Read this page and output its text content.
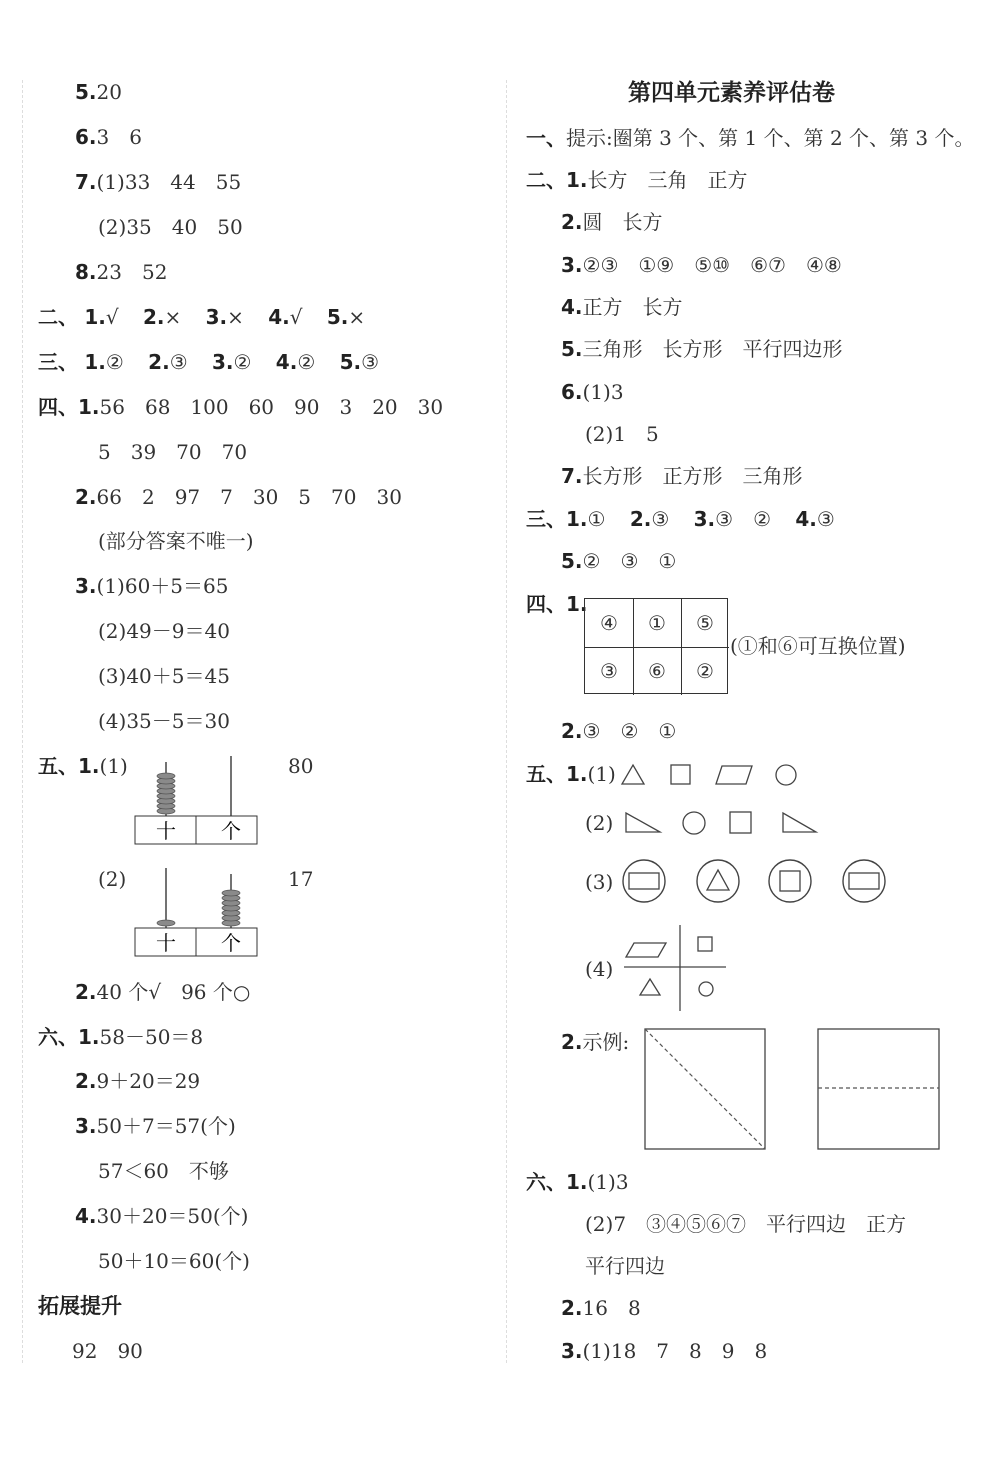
5.20
6.3　6
7.(1)33　44　55
(2)35　40　50
8.23　52
二、 1.√ 2.× 3.× 4.√ 5.×
三、 1.② 2.③ 3.② 4.② 5.③
四、1.56　68　100　60　90　3　20　30
5　39　70　70
2.66　2　97　7　30　5　70　30
(部分答案不唯一)
3.(1)60＋5＝65
(2)49－9＝40
(3)40＋5＝45
(4)35－5＝30
五、1.(1)	80
十 个
(2)	17
十 个
2.40 个√　96 个○
六、1.58－50＝8
2.9＋20＝29
3.50＋7＝57(个)
57＜60　不够
4.30＋20＝50(个)
50＋10＝60(个)
拓展提升
92　90
第四单元素养评估卷
一、提示:圈第 3 个、第 1 个、第 2 个、第 3 个。
二、1.长方　三角　正方
2.圆　长方
3.②③　①⑨　⑤⑩　⑥⑦　④⑧
4.正方　长方
5.三角形　长方形　平行四边形
6.(1)3
(2)1　5
7.长方形　正方形　三角形
三、1.① 2.③ 3.③　② 4.③
5.②　③　①
四、1.
④	①	⑤
③	⑥	②
(①和⑥可互换位置)
2.③　②　①
五、1.(1)
(2)
(3)
(4)
2.示例:
六、1.(1)3
(2)7　③④⑤⑥⑦　平行四边　正方
平行四边
2.16　8
3.(1)18　7　8　9　8
